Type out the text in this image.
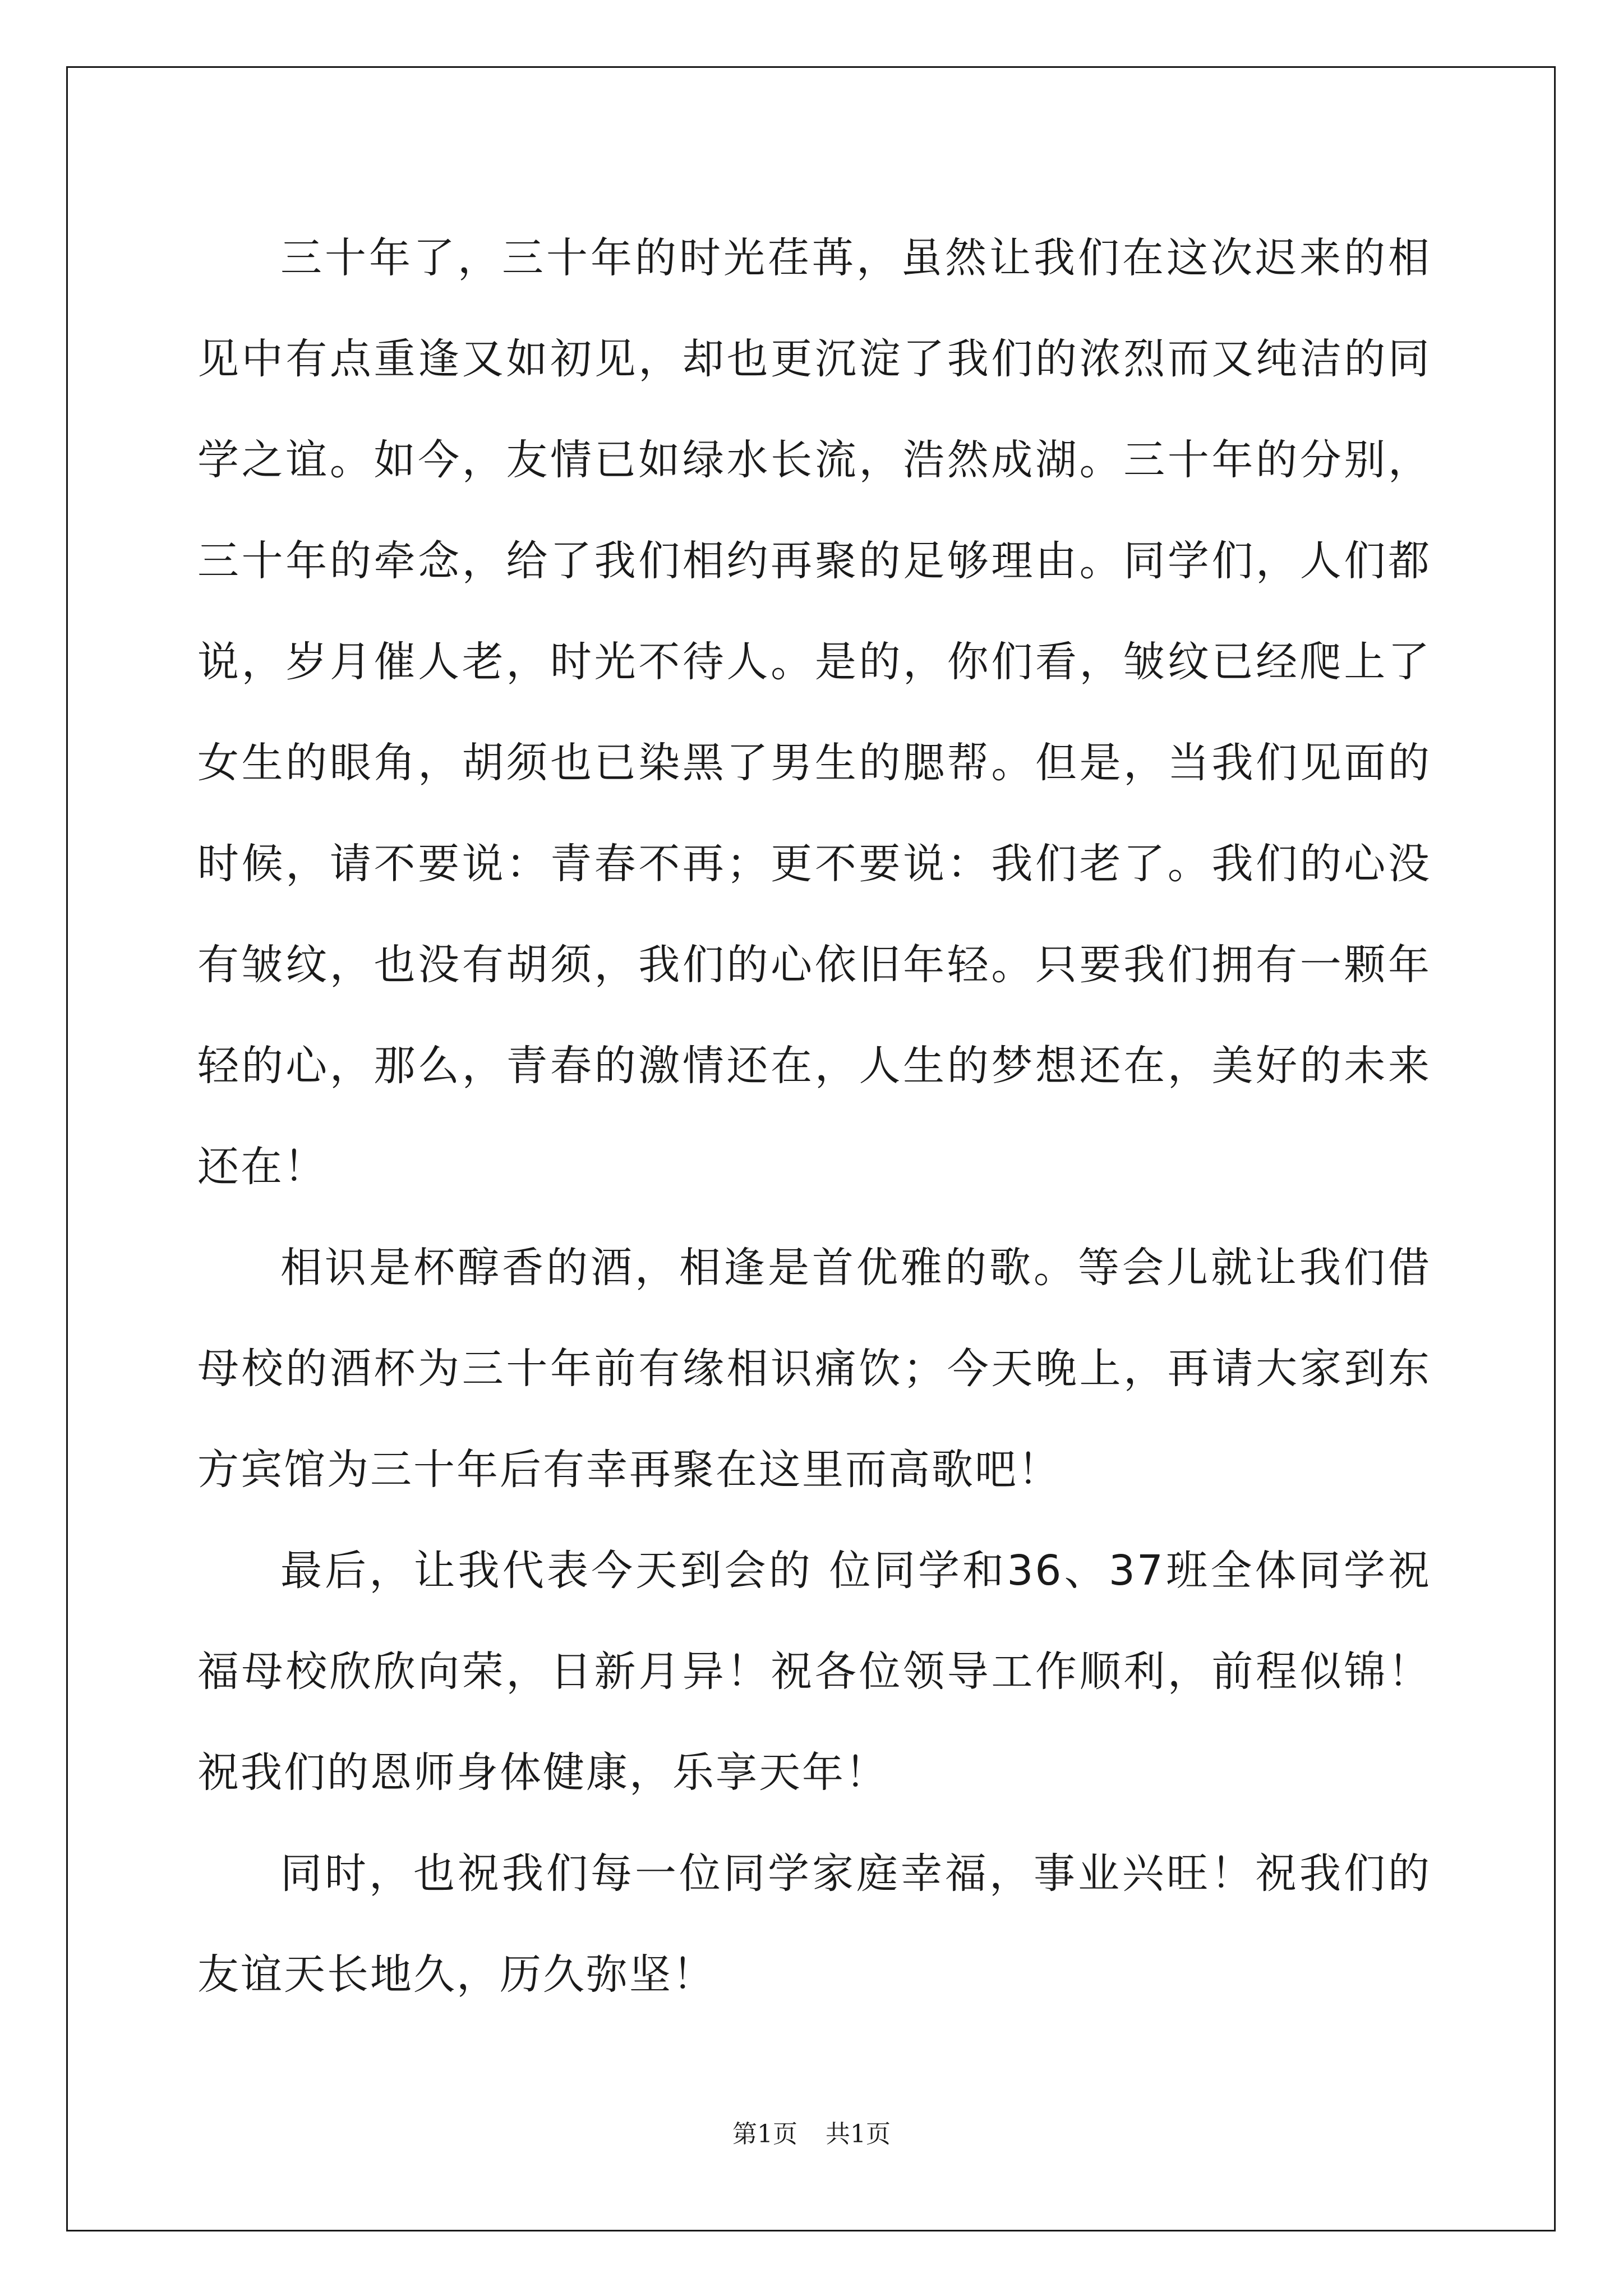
三十年了，三十年的时光荏苒，虽然让我们在这次迟来的相见中有点重逢又如初见，却也更沉淀了我们的浓烈而又纯洁的同学之谊。如今，友情已如绿水长流，浩然成湖。三十年的分别，三十年的牵念，给了我们相约再聚的足够理由。同学们，人们都说，岁月催人老，时光不待人。是的，你们看，皱纹已经爬上了女生的眼角，胡须也已染黑了男生的腮帮。但是，当我们见面的时候，请不要说：青春不再；更不要说：我们老了。我们的心没有皱纹，也没有胡须，我们的心依旧年轻。只要我们拥有一颗年轻的心，那么，青春的激情还在，人生的梦想还在，美好的未来还在！

相识是杯醇香的酒，相逢是首优雅的歌。等会儿就让我们借母校的酒杯为三十年前有缘相识痛饮；今天晚上，再请大家到东方宾馆为三十年后有幸再聚在这里而高歌吧！

最后，让我代表今天到会的 位同学和36、37班全体同学祝福母校欣欣向荣，日新月异！祝各位领导工作顺利，前程似锦！祝我们的恩师身体健康，乐享天年！

同时，也祝我们每一位同学家庭幸福，事业兴旺！祝我们的友谊天长地久，历久弥坚！

第1页 共1页
